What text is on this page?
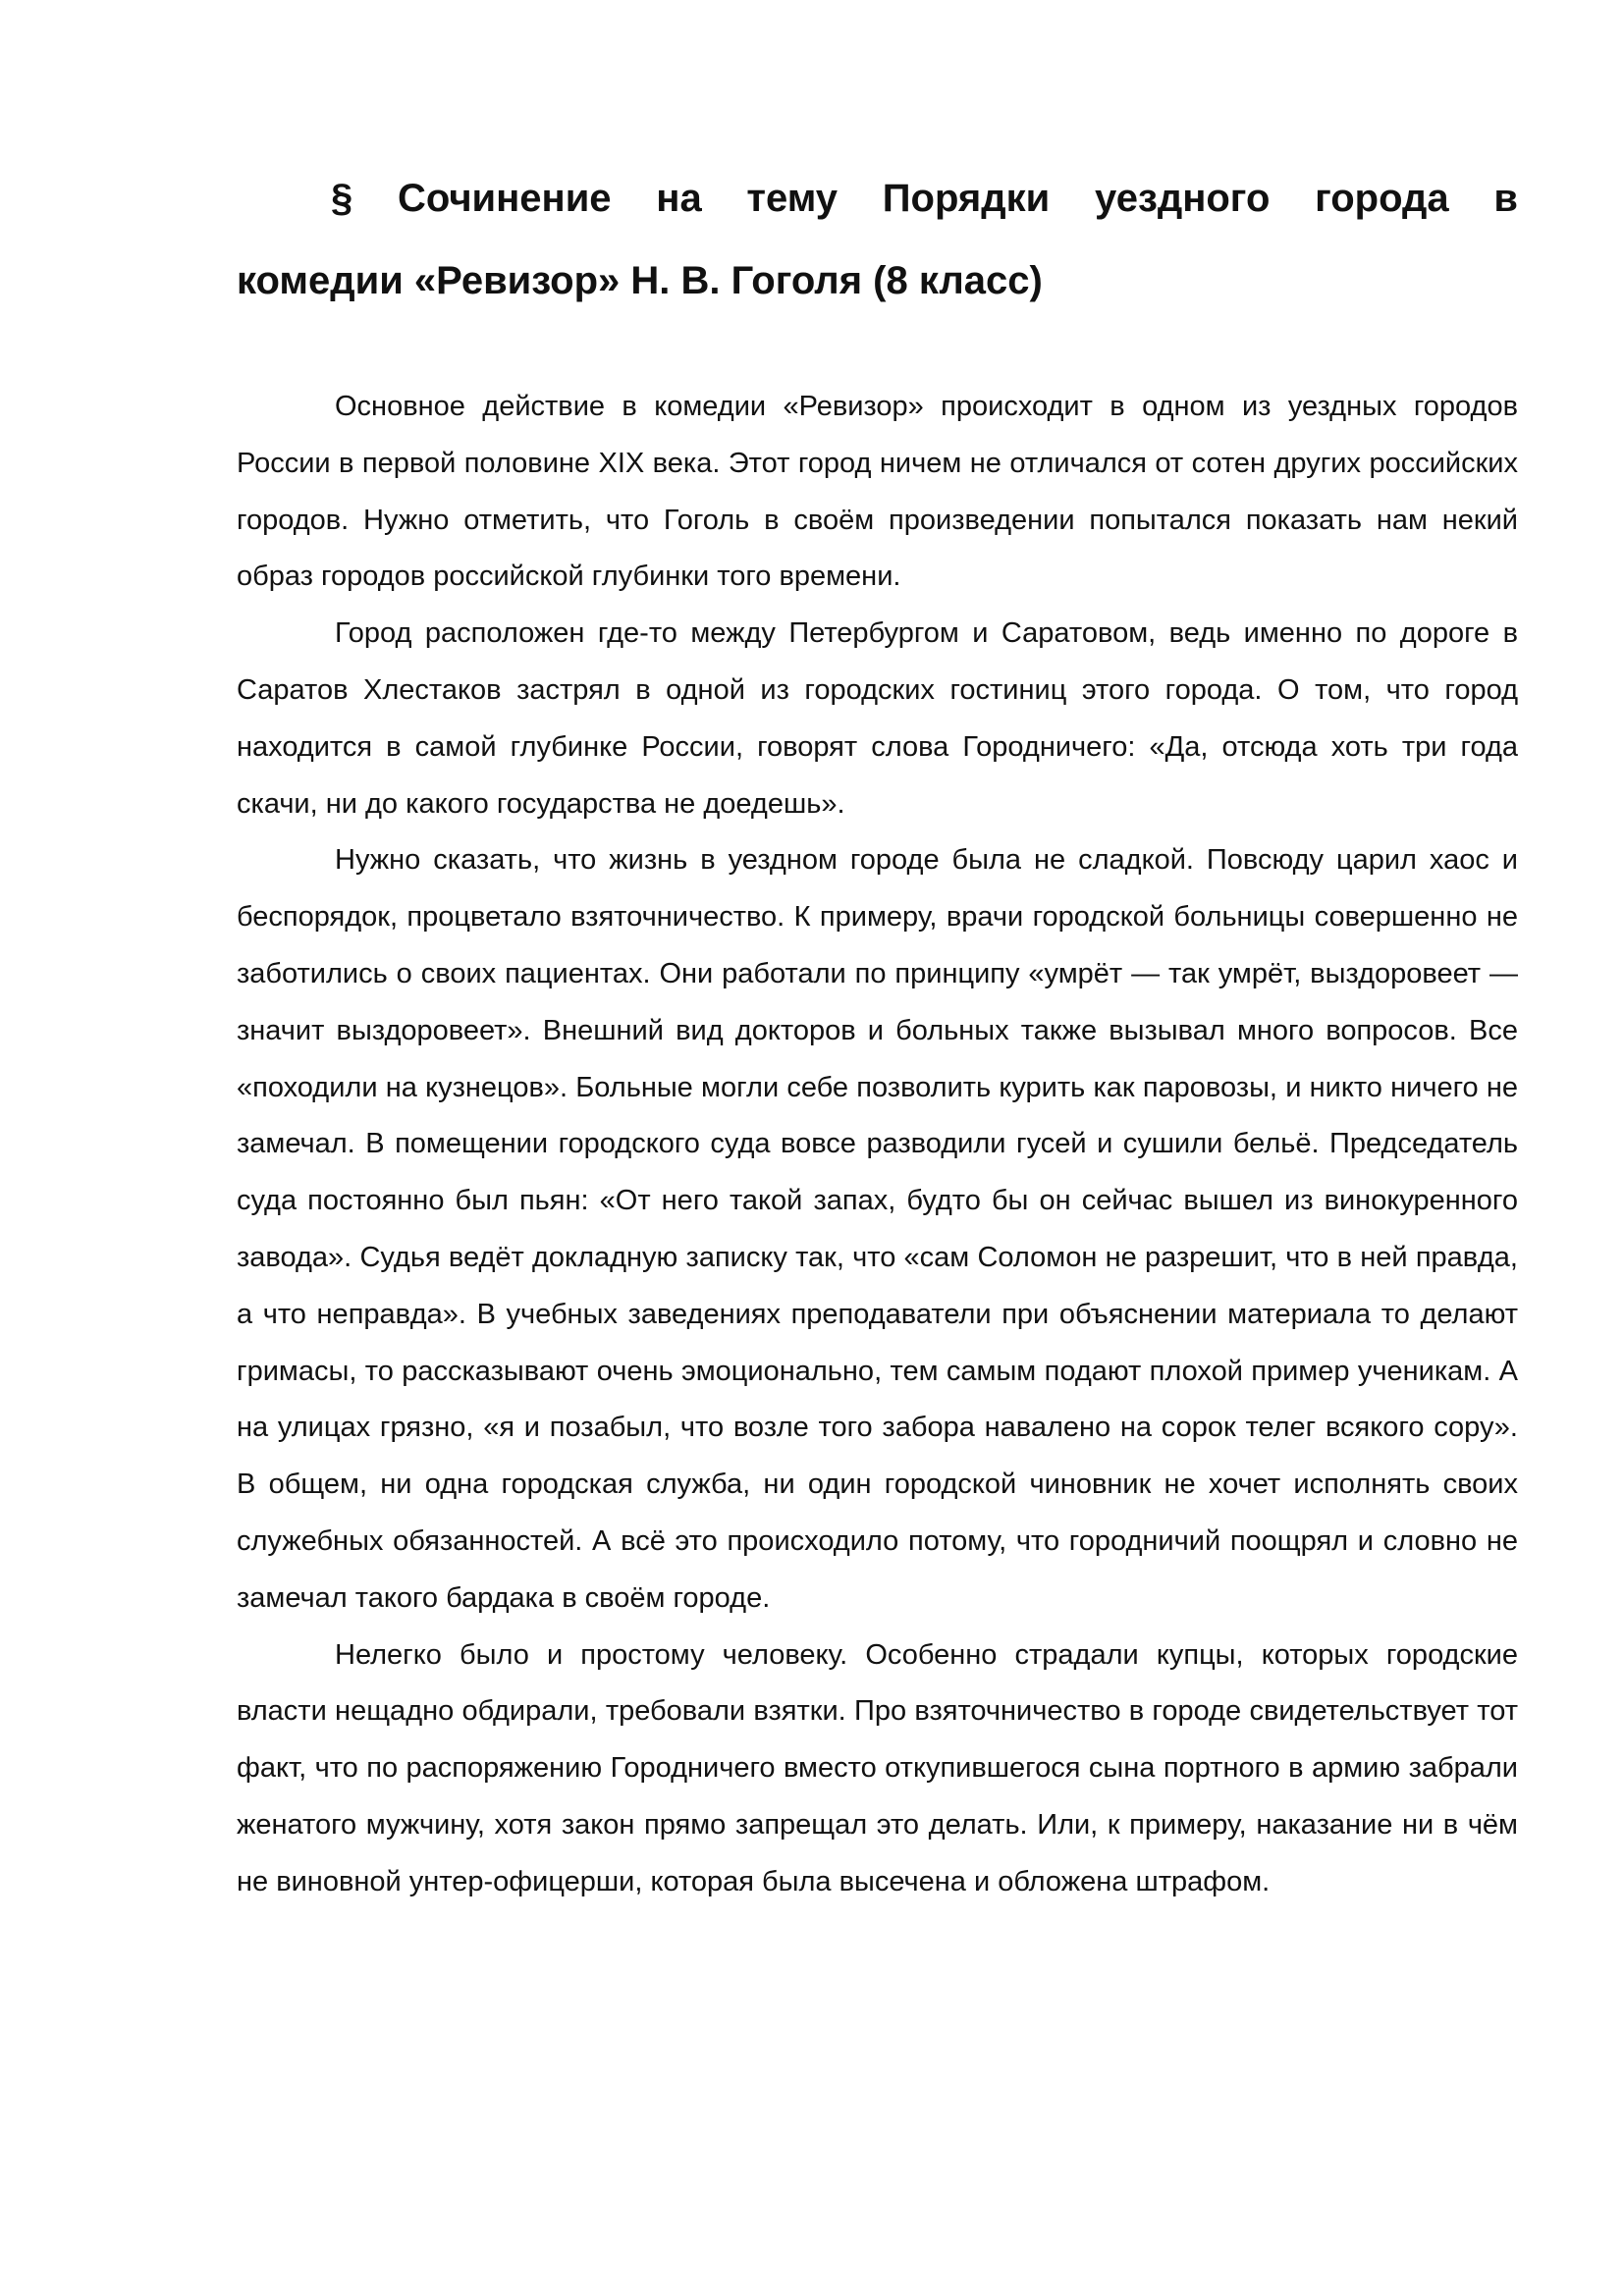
§ Сочинение на тему Порядки уездного города в
комедии «Ревизор» Н. В. Гоголя (8 класс)

Основное действие в комедии «Ревизор» происходит в одном из уездных городов России в первой половине XIX века. Этот город ничем не отличался от сотен других российских городов. Нужно отметить, что Гоголь в своём произведении попытался показать нам некий образ городов российской глубинки того времени.

Город расположен где-то между Петербургом и Саратовом, ведь именно по дороге в Саратов Хлестаков застрял в одной из городских гостиниц этого города. О том, что город находится в самой глубинке России, говорят слова Городничего: «Да, отсюда хоть три года скачи, ни до какого государства не доедешь».

Нужно сказать, что жизнь в уездном городе была не сладкой. Повсюду царил хаос и беспорядок, процветало взяточничество. К примеру, врачи городской больницы совершенно не заботились о своих пациентах. Они работали по принципу «умрёт — так умрёт, выздоровеет — значит выздоровеет». Внешний вид докторов и больных также вызывал много вопросов. Все «походили на кузнецов». Больные могли себе позволить курить как паровозы, и никто ничего не замечал. В помещении городского суда вовсе разводили гусей и сушили бельё. Председатель суда постоянно был пьян: «От него такой запах, будто бы он сейчас вышел из винокуренного завода». Судья ведёт докладную записку так, что «сам Соломон не разрешит, что в ней правда, а что неправда». В учебных заведениях преподаватели при объяснении материала то делают гримасы, то рассказывают очень эмоционально, тем самым подают плохой пример ученикам. А на улицах грязно, «я и позабыл, что возле того забора навалено на сорок телег всякого сору». В общем, ни одна городская служба, ни один городской чиновник не хочет исполнять своих служебных обязанностей. А всё это происходило потому, что городничий поощрял и словно не замечал такого бардака в своём городе.

Нелегко было и простому человеку. Особенно страдали купцы, которых городские власти нещадно обдирали, требовали взятки. Про взяточничество в городе свидетельствует тот факт, что по распоряжению Городничего вместо откупившегося сына портного в армию забрали женатого мужчину, хотя закон прямо запрещал это делать. Или, к примеру, наказание ни в чём не виновной унтер-офицерши, которая была высечена и обложена штрафом.
